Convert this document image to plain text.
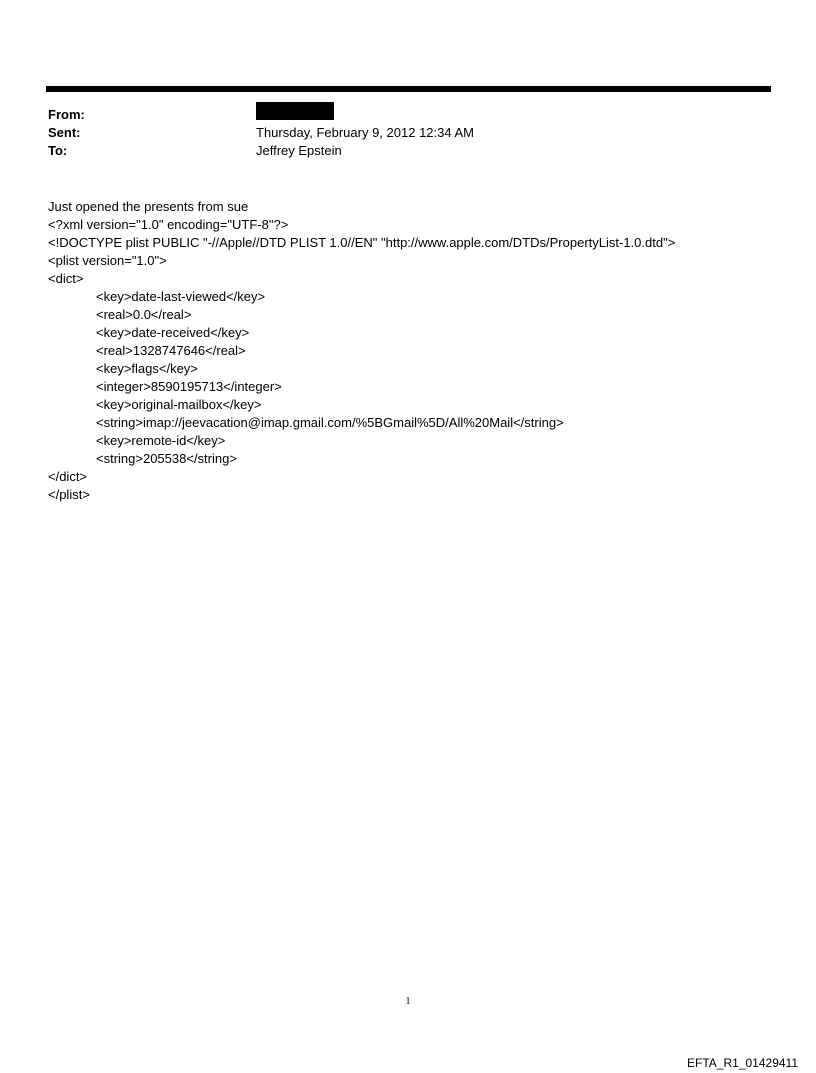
From:
Sent:	Thursday, February 9, 2012 12:34 AM
To:	Jeffrey Epstein
Just opened the presents from sue
<?xml version="1.0" encoding="UTF-8"?>
<!DOCTYPE plist PUBLIC "-//Apple//DTD PLIST 1.0//EN" "http://www.apple.com/DTDs/PropertyList-1.0.dtd">
<plist version="1.0">
<dict>
<key>date-last-viewed</key>
<real>0.0</real>
<key>date-received</key>
<real>1328747646</real>
<key>flags</key>
<integer>8590195713</integer>
<key>original-mailbox</key>
<string>imap://jeevacation@imap.gmail.com/%5BGmail%5D/All%20Mail</string>
<key>remote-id</key>
<string>205538</string>
</dict>
</plist>
1
EFTA_R1_01429411
